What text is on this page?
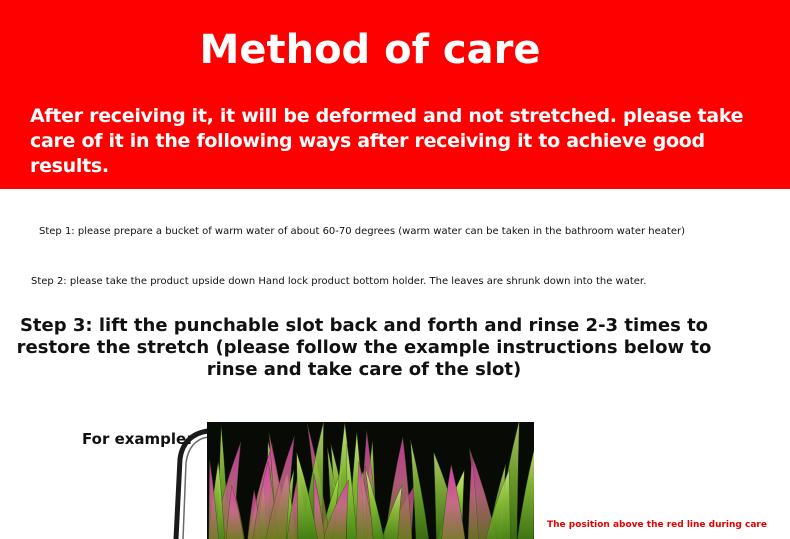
Method of care

After receiving it, it will be deformed and not stretched. please take care of it in the following ways after receiving it to achieve good results.

Step 1: please prepare a bucket of warm water of about 60-70 degrees (warm water can be taken in the bathroom water heater)

Step 2: please take the product upside down Hand lock product bottom holder. The leaves are shrunk down into the water.

Step 3: lift the punchable slot back and forth and rinse 2-3 times to restore the stretch (please follow the example instructions below to rinse and take care of the slot)

For example:
The position above the red line during care
